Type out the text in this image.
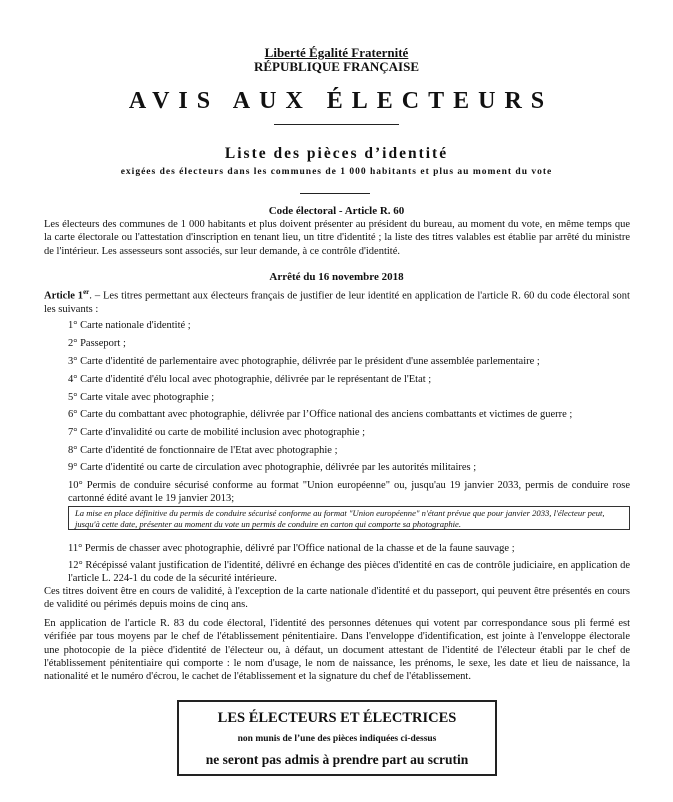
Liberté Égalité Fraternité
RÉPUBLIQUE FRANÇAISE
AVIS AUX ÉLECTEURS
Liste des pièces d’identité
exigées des électeurs dans les communes de 1 000 habitants et plus au moment du vote
Code électoral - Article R. 60
Les électeurs des communes de 1 000 habitants et plus doivent présenter au président du bureau, au moment du vote, en même temps que la carte électorale ou l'attestation d'inscription en tenant lieu, un titre d'identité ; la liste des titres valables est établie par arrêté du ministre de l'intérieur. Les assesseurs sont associés, sur leur demande, à ce contrôle d'identité.
Arrêté du 16 novembre 2018
Article 1er. – Les titres permettant aux électeurs français de justifier de leur identité en application de l'article R. 60 du code électoral sont les suivants :
1° Carte nationale d'identité ;
2° Passeport ;
3° Carte d'identité de parlementaire avec photographie, délivrée par le président d'une assemblée parlementaire ;
4° Carte d'identité d'élu local avec photographie, délivrée par le représentant de l'Etat ;
5° Carte vitale avec photographie ;
6° Carte du combattant avec photographie, délivrée par l’Office national des anciens combattants et victimes de guerre ;
7° Carte d'invalidité ou carte de mobilité inclusion avec photographie ;
8° Carte d'identité de fonctionnaire de l'Etat avec photographie ;
9° Carte d'identité ou carte de circulation avec photographie, délivrée par les autorités militaires ;
10° Permis de conduire sécurisé conforme au format "Union européenne" ou, jusqu'au 19 janvier 2033, permis de conduire rose cartonné édité avant le 19 janvier 2013;
La mise en place définitive du permis de conduire sécurisé conforme au format "Union européenne" n'étant prévue que pour janvier 2033, l'électeur peut, jusqu'à cette date, présenter au moment du vote un permis de conduire en carton qui comporte sa photographie.
11° Permis de chasser avec photographie, délivré par l'Office national de la chasse et de la faune sauvage ;
12° Récépissé valant justification de l'identité, délivré en échange des pièces d'identité en cas de contrôle judiciaire, en application de l'article L. 224-1 du code de la sécurité intérieure.
Ces titres doivent être en cours de validité, à l'exception de la carte nationale d'identité et du passeport, qui peuvent être présentés en cours de validité ou périmés depuis moins de cinq ans.
En application de l'article R. 83 du code électoral, l'identité des personnes détenues qui votent par correspondance sous pli fermé est vérifiée par tous moyens par le chef de l'établissement pénitentiaire. Dans l'enveloppe d'identification, est jointe à l'enveloppe électorale une photocopie de la pièce d'identité de l'électeur ou, à défaut, un document attestant de l'identité de l'électeur établi par le chef de l'établissement pénitentiaire qui comporte : le nom d'usage, le nom de naissance, les prénoms, le sexe, les date et lieu de naissance, la nationalité et le numéro d'écrou, le cachet de l'établissement et la signature du chef de l'établissement.
LES ÉLECTEURS ET ÉLECTRICES
non munis de l’une des pièces indiquées ci-dessus
ne seront pas admis à prendre part au scrutin
